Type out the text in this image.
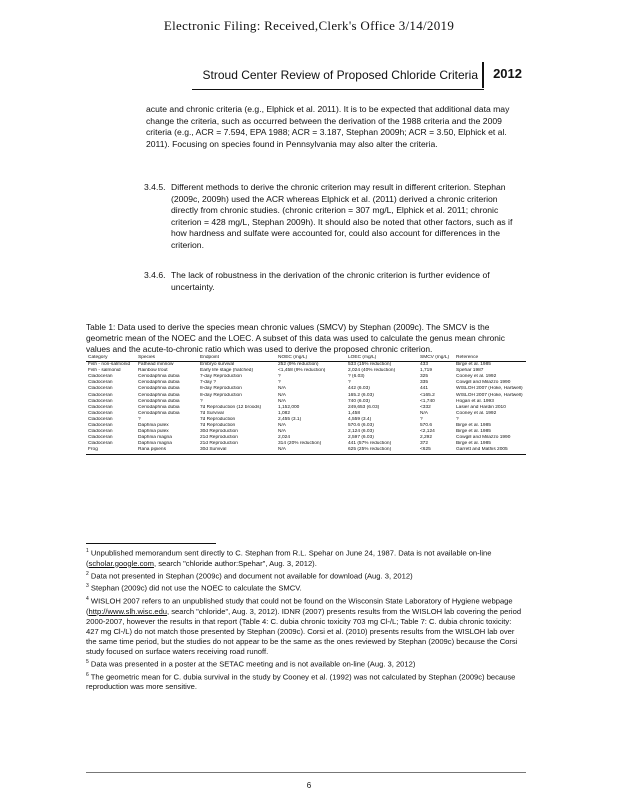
Electronic Filing: Received,Clerk's Office 3/14/2019
Stroud Center Review of Proposed Chloride Criteria 2012
acute and chronic criteria (e.g., Elphick et al. 2011). It is to be expected that additional data may change the criteria, such as occurred between the derivation of the 1988 criteria and the 2009 criteria (e.g., ACR = 7.594, EPA 1988; ACR = 3.187, Stephan 2009h; ACR = 3.50, Elphick et al. 2011). Focusing on species found in Pennsylvania may also alter the criteria.
3.4.5. Different methods to derive the chronic criterion may result in different criterion. Stephan (2009c, 2009h) used the ACR whereas Elphick et al. (2011) derived a chronic criterion directly from chronic studies. (chronic criterion = 307 mg/L, Elphick et al. 2011; chronic criterion = 428 mg/L, Stephan 2009h). It should also be noted that other factors, such as if how hardness and sulfate were accounted for, could also account for differences in the criterion.
3.4.6. The lack of robustness in the derivation of the chronic criterion is further evidence of uncertainty.
Table 1: Data used to derive the species mean chronic values (SMCV) by Stephan (2009c). The SMCV is the geometric mean of the NOEC and the LOEC. A subset of this data was used to calculate the genus mean chronic values and the acute-to-chronic ratio which was used to derive the proposed chronic criterion.
Category	Species	Endpoint	NOEC (mg/L)	LOEC (mg/L)	SMCV (mg/L)	Reference
Fish - non-salmonid	Fathead minnow	Embryo survival	252 (9% reduction)	533 (15% reduction)	433	Birge et al. 1985
Fish - salmonid	Rainbow trout	Early life stage (hatched)	<1,458 (9% reduction)	2,024 (40% reduction)	1,719	Spehar 1987
Cladoceran	Ceriodaphnia dubia	7-day Reproduction	?	? (6.03)	325	Cooney et al. 1992
Cladoceran	Ceriodaphnia dubia	7-day ?	?	?	335	Cowgill and Milazzo 1990
Cladoceran	Ceriodaphnia dubia	8-day Reproduction	N/A	442 (6.03)	441	WISLOH 2007 (Hoke, Hartwell)
Cladoceran	Ceriodaphnia dubia	8-day Reproduction	N/A	165.2 (6.03)	<165.2	WISLOH 2007 (Hoke, Hartwell)
Cladoceran	Ceriodaphnia dubia	?	N/A	740 (6.03)	<1,740	Hogan et al. 1993
Cladoceran	Ceriodaphnia dubia	7d Reproduction (12 broods)	1,152,000	249,653 (6.03)	<332	Lasier and Hardin 2010
Cladoceran	Ceriodaphnia dubia	7d Survival	1,082	1,458	N/A	Cooney et al. 1992
Cladoceran	?	7d Reproduction	2,455 (3.1)	4,559 (3.4)	?	?
Cladoceran	Daphnia pulex	7d Reproduction	N/A	570.6 (6.03)	570.6	Birge et al. 1985
Cladoceran	Daphnia pulex	30d Reproduction	N/A	2,124 (6.03)	<2,124	Birge et al. 1985
Cladoceran	Daphnia magna	21d Reproduction	2,024	2,597 (6.03)	2,292	Cowgill and Milazzo 1990
Cladoceran	Daphnia magna	21d Reproduction	314 (20% reduction)	441 (57% reduction)	372	Birge et al. 1985
Frog	Rana pipiens	30d Survival	N/A	625 (25% reduction)	<625	Garrett and Mathis 2005

$^1$ Unpublished memorandum sent directly to C. Stephan from R.L. Spehar on June 24, 1987. Data is not available on-line (scholar.google.com, search "chloride author:Spehar", Aug. 3, 2012).

$^2$ Data not presented in Stephan (2009c) and document not available for download (Aug. 3, 2012)

$^3$ Stephan (2009c) did not use the NOEC to calculate the SMCV.

$^4$ WISLOH 2007 refers to an unpublished study that could not be found on the Wisconsin State Laboratory of Hygiene webpage (http://www.slh.wisc.edu, search "chloride", Aug. 3, 2012). IDNR (2007) presents results from the WISLOH lab covering the period 2000-2007, however the results in that report (Table 4: C. dubia chronic toxicity 703 mg Cl-/L; Table 7: C. dubia chronic toxicity: 427 mg Cl-/L) do not match those presented by Stephan (2009c). Corsi et al. (2010) presents results from the WISLOH lab over the same time period, but the studies do not appear to be the same as the ones reviewed by Stephan (2009c) because the Corsi study focused on surface waters receiving road runoff.

$^5$ Data was presented in a poster at the SETAC meeting and is not available on-line (Aug. 3, 2012)

$^6$ The geometric mean for C. dubia survival in the study by Cooney et al. (1992) was not calculated by Stephan (2009c) because reproduction was more sensitive.

6
